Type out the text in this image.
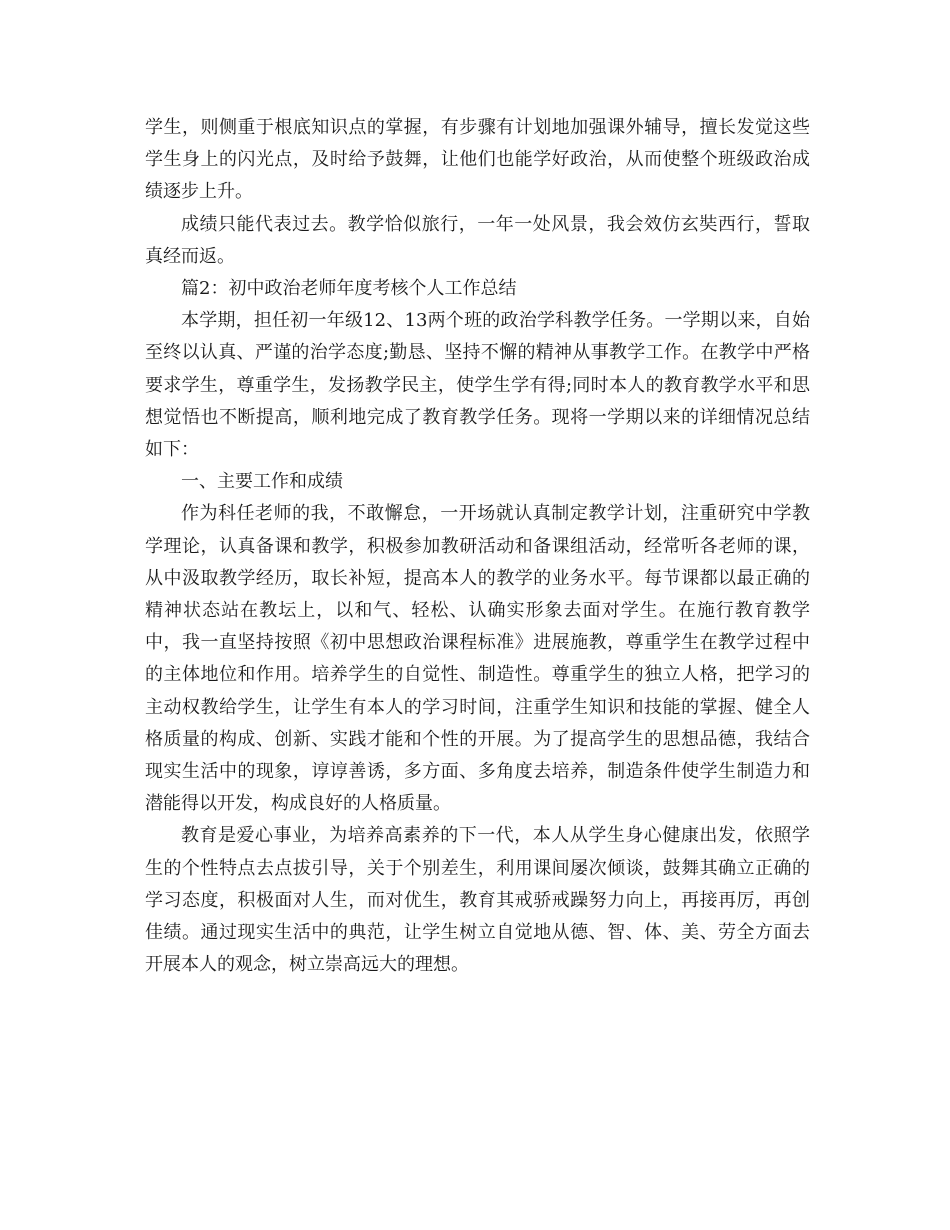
学生，则侧重于根底知识点的掌握，有步骤有计划地加强课外辅导，擅长发觉这些学生身上的闪光点，及时给予鼓舞，让他们也能学好政治，从而使整个班级政治成绩逐步上升。

成绩只能代表过去。教学恰似旅行，一年一处风景，我会效仿玄奘西行，誓取真经而返。

篇2：初中政治老师年度考核个人工作总结

本学期，担任初一年级12、13两个班的政治学科教学任务。一学期以来，自始至终以认真、严谨的治学态度;勤恳、坚持不懈的精神从事教学工作。在教学中严格要求学生，尊重学生，发扬教学民主，使学生学有得;同时本人的教育教学水平和思想觉悟也不断提高，顺利地完成了教育教学任务。现将一学期以来的详细情况总结如下：

一、主要工作和成绩

作为科任老师的我，不敢懈怠，一开场就认真制定教学计划，注重研究中学教学理论，认真备课和教学，积极参加教研活动和备课组活动，经常听各老师的课，从中汲取教学经历，取长补短，提高本人的教学的业务水平。每节课都以最正确的精神状态站在教坛上，以和气、轻松、认确实形象去面对学生。在施行教育教学中，我一直坚持按照《初中思想政治课程标准》进展施教，尊重学生在教学过程中的主体地位和作用。培养学生的自觉性、制造性。尊重学生的独立人格，把学习的主动权教给学生，让学生有本人的学习时间，注重学生知识和技能的掌握、健全人格质量的构成、创新、实践才能和个性的开展。为了提高学生的思想品德，我结合现实生活中的现象，谆谆善诱，多方面、多角度去培养，制造条件使学生制造力和潜能得以开发，构成良好的人格质量。

教育是爱心事业，为培养高素养的下一代，本人从学生身心健康出发，依照学生的个性特点去点拔引导，关于个别差生，利用课间屡次倾谈，鼓舞其确立正确的学习态度，积极面对人生，而对优生，教育其戒骄戒躁努力向上，再接再厉，再创佳绩。通过现实生活中的典范，让学生树立自觉地从德、智、体、美、劳全方面去开展本人的观念，树立崇高远大的理想。
